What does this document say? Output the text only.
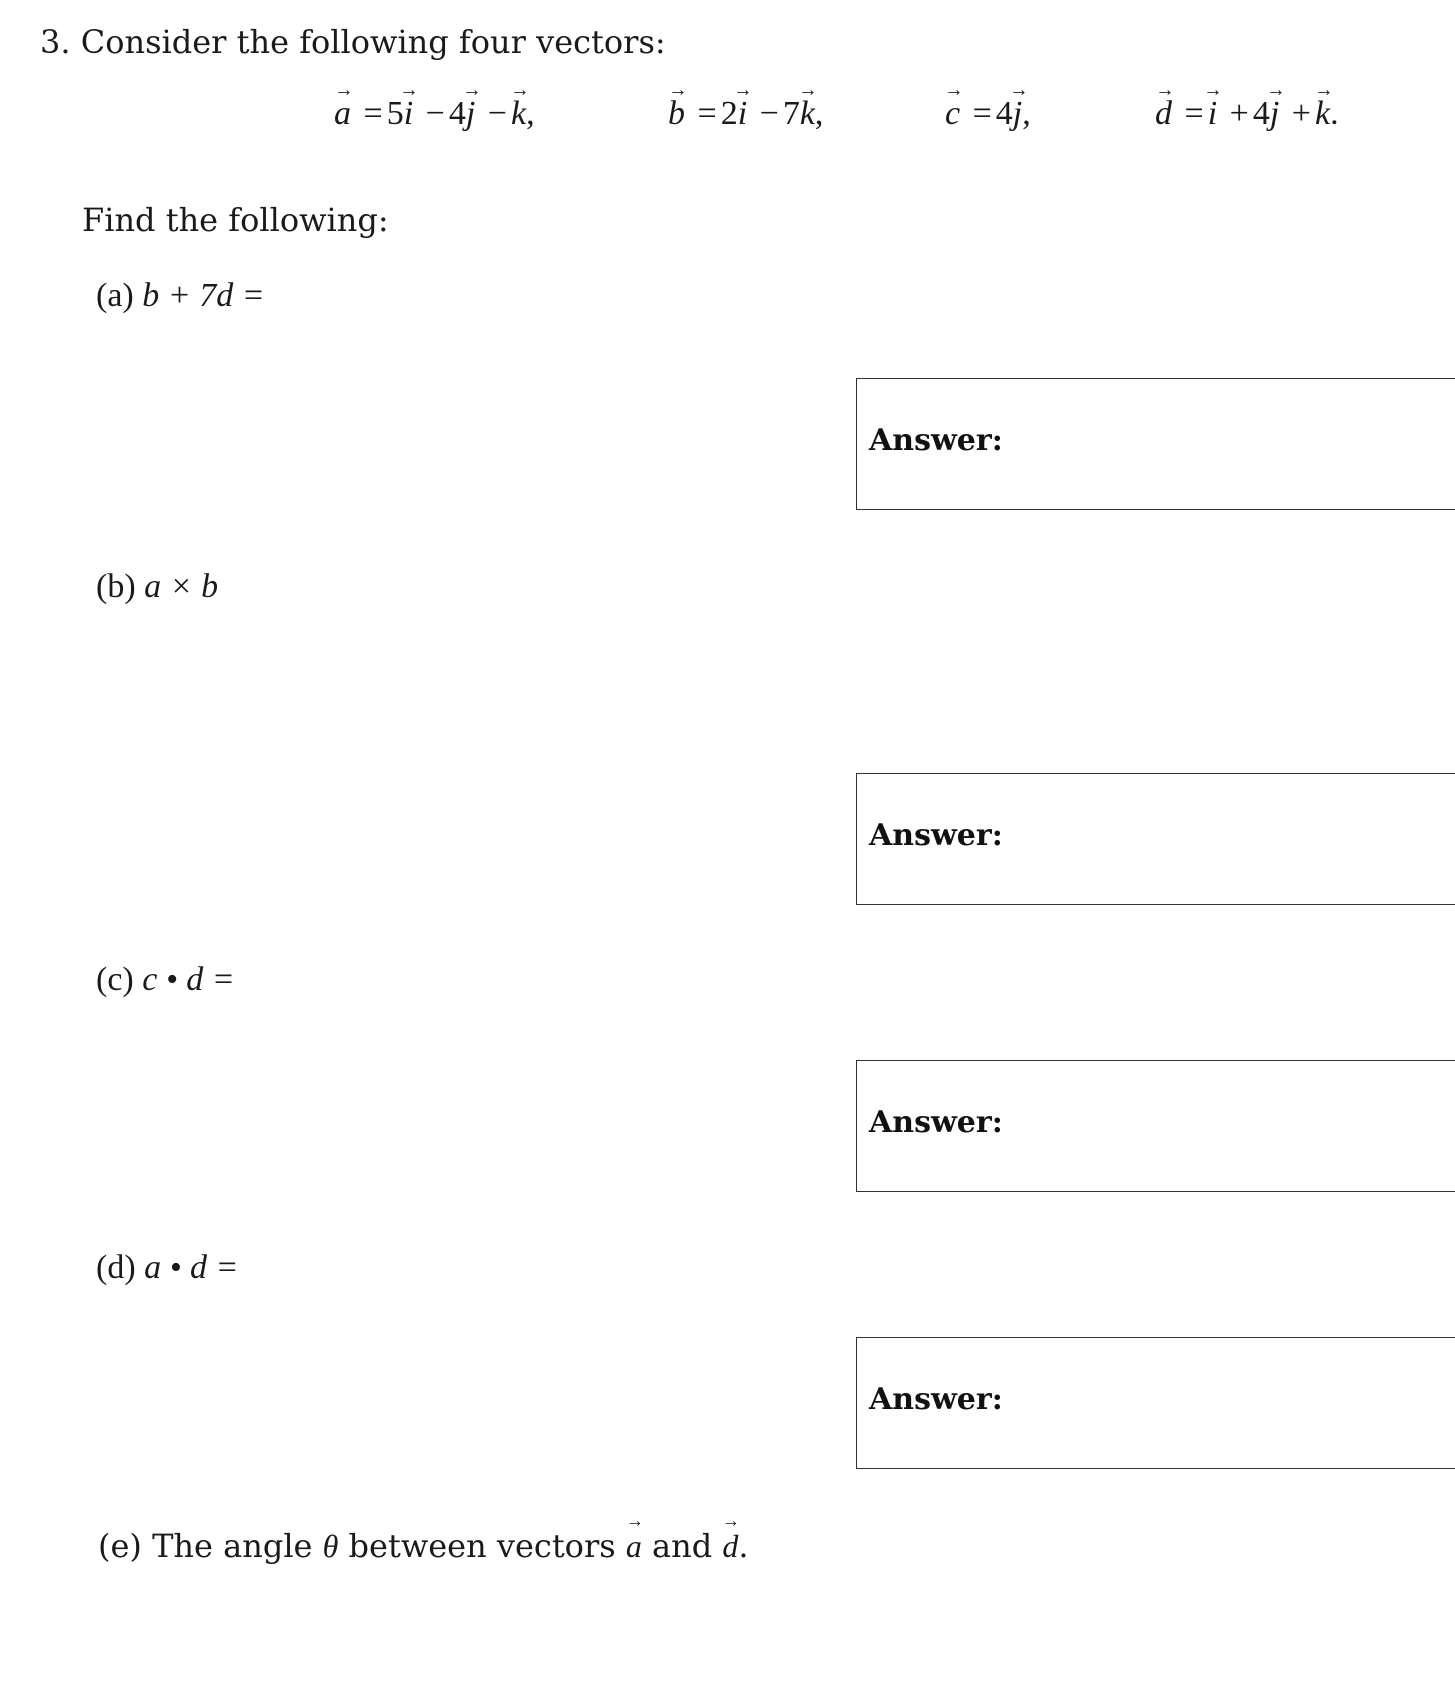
3. Consider the following four vectors:
→ a = 5→ i − 4→ j − → k,	→ b = 2→ i − 7→ k,	→ c = 4→ j,	→ d = → i + 4→ j + → k.
Find the following:
(a) b + 7d =
Answer:
(b) a × b
Answer:
(c) c • d =
Answer:
(d) a • d =
Answer:
(e) The angle θ between vectors → a and → d.
